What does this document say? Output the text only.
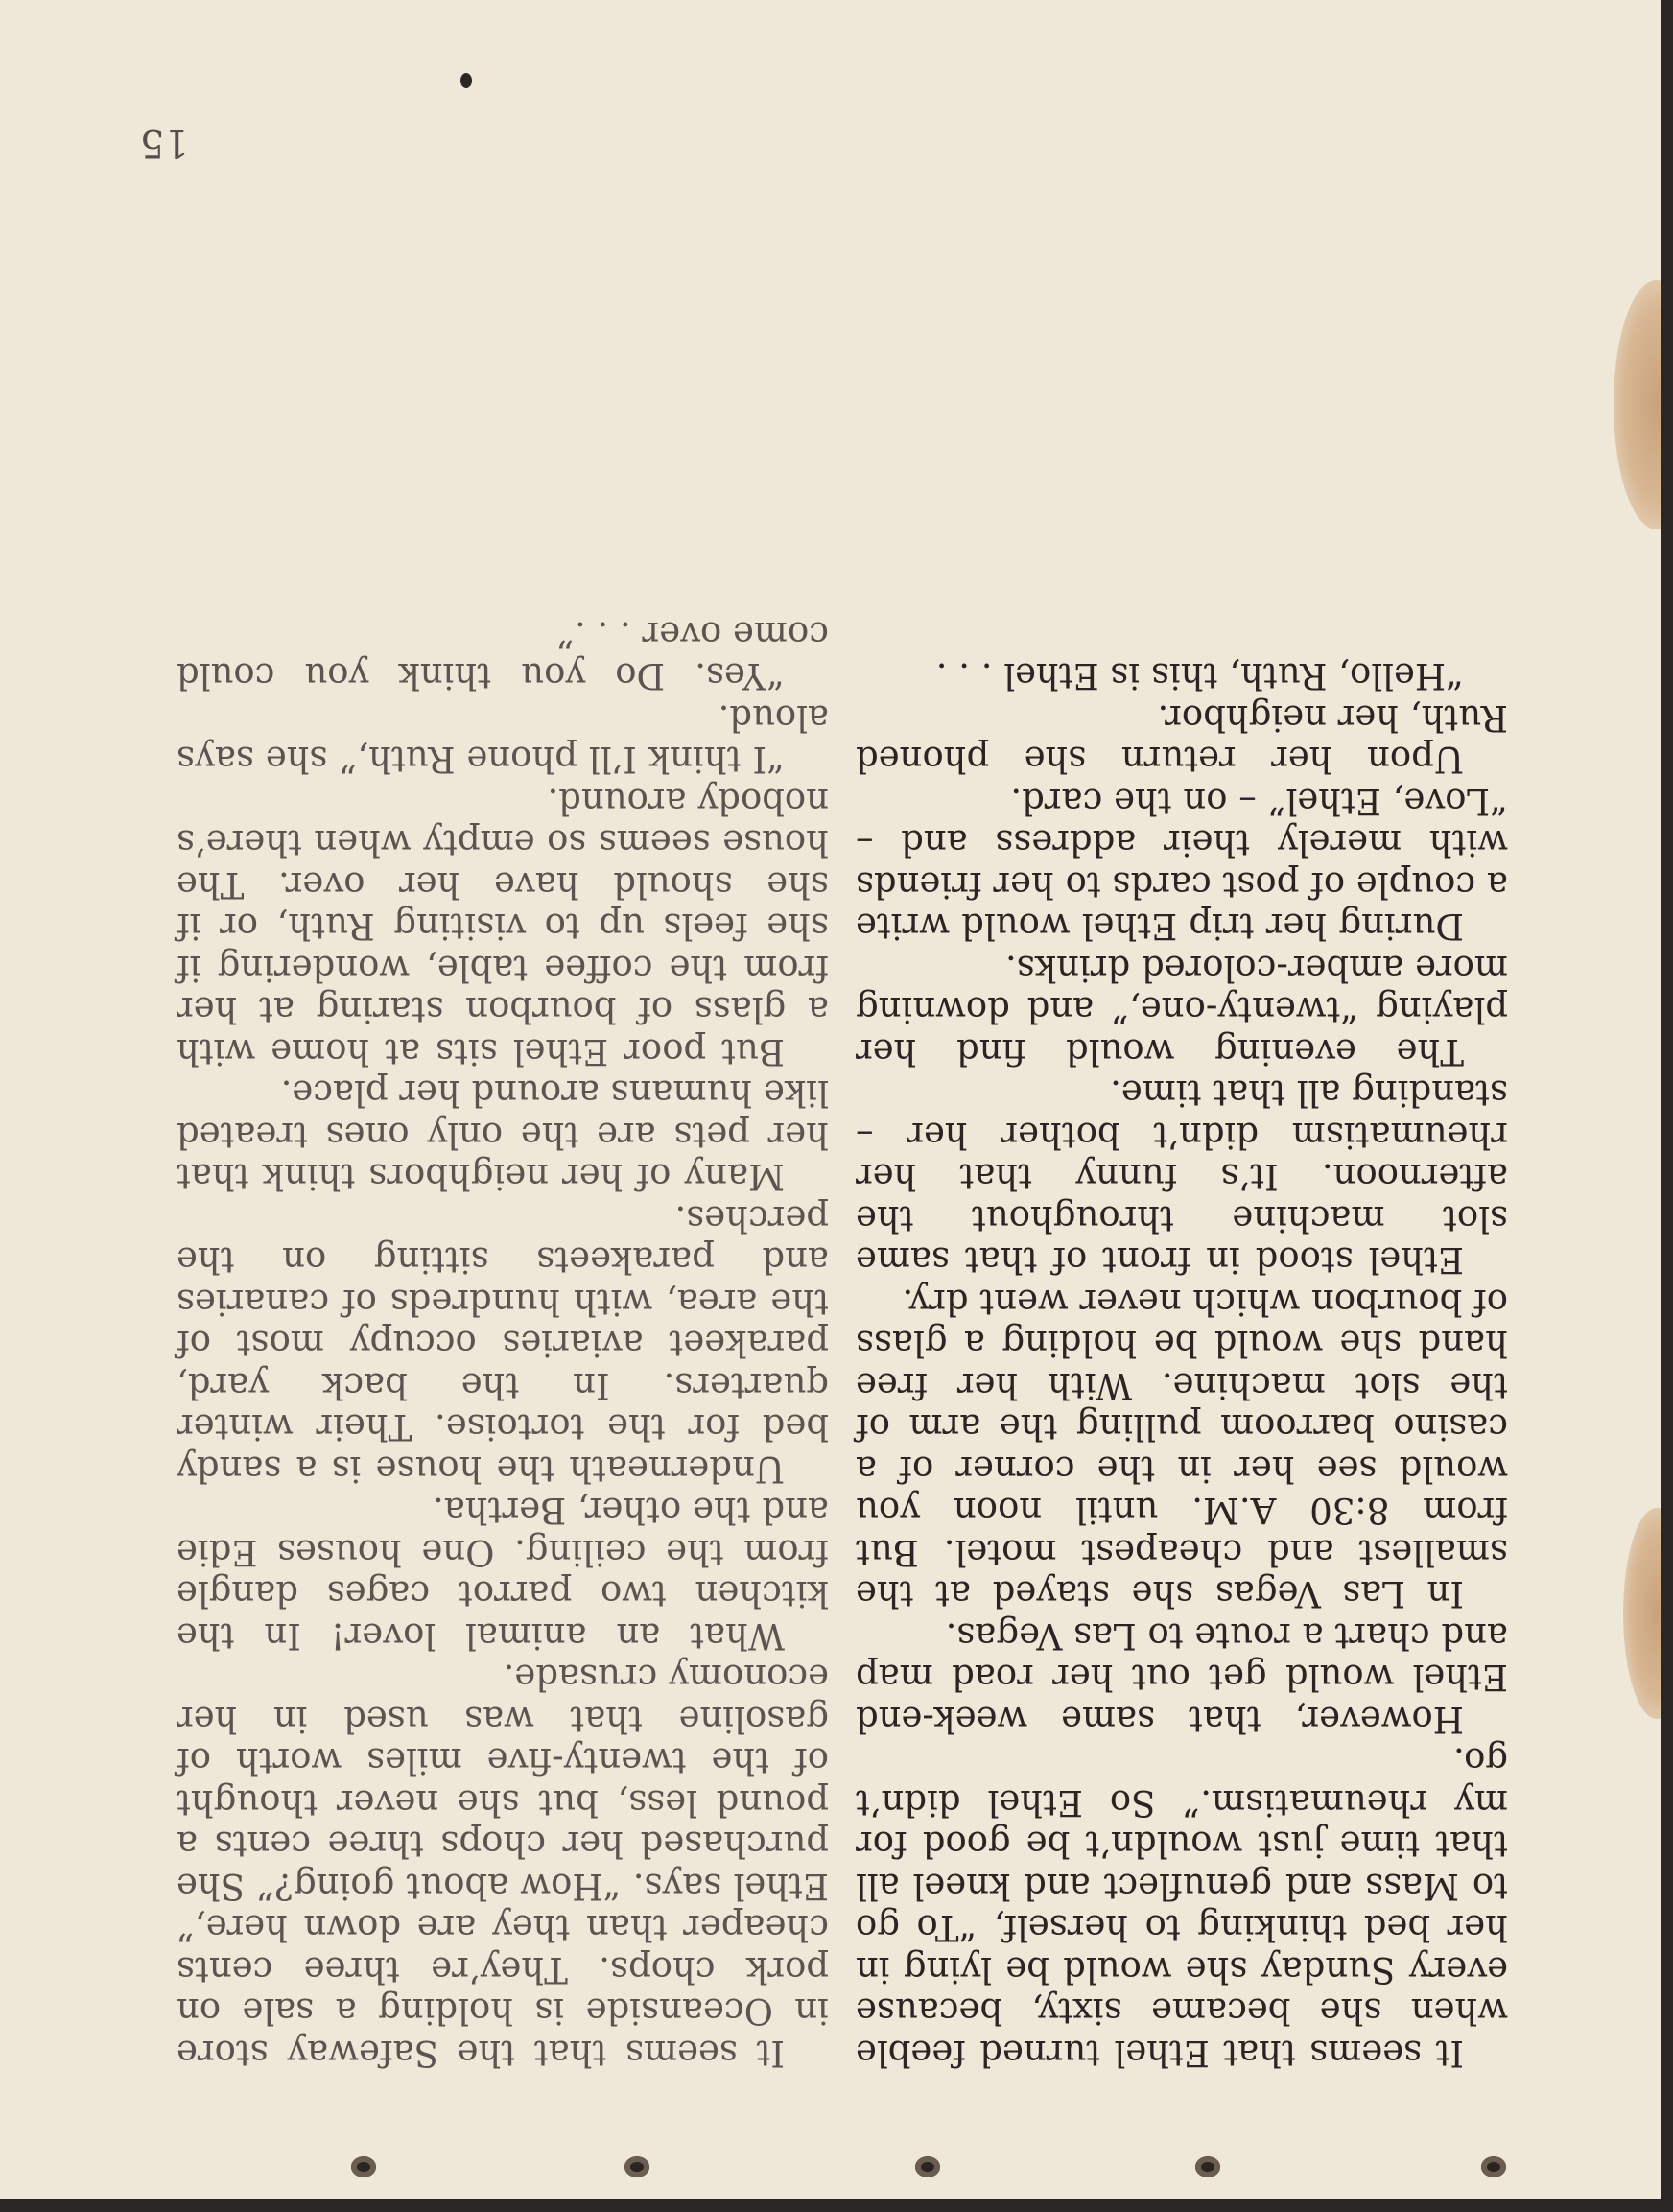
It seems that Ethel turned feeble when she became sixty, because every Sunday she would be lying in her bed thinking to herself, “To go to Mass and genuflect and kneel all that time just wouldn’t be good for my rheumatism.” So Ethel didn’t go.

However, that same week-end Ethel would get out her road map and chart a route to Las Vegas.

In Las Vegas she stayed at the smallest and cheapest motel. But from 8:30 A.M. until noon you would see her in the corner of a casino barroom pulling the arm of the slot machine. With her free hand she would be holding a glass of bourbon which never went dry.

Ethel stood in front of that same slot machine throughout the afternoon. It’s funny that her rheumatism didn’t bother her – standing all that time.

The evening would find her playing “twenty-one,” and downing more amber-colored drinks.

During her trip Ethel would write a couple of post cards to her friends with merely their address and – “Love, Ethel” – on the card.

Upon her return she phoned Ruth, her neighbor.

“Hello, Ruth, this is Ethel . . .

It seems that the Safeway store in Oceanside is holding a sale on pork chops. They’re three cents cheaper than they are down here,” Ethel says. “How about going?” She purchased her chops three cents a pound less, but she never thought of the twenty-five miles worth of gasoline that was used in her economy crusade.

What an animal lover! In the kitchen two parrot cages dangle from the ceiling. One houses Edie and the other, Bertha.

Underneath the house is a sandy bed for the tortoise. Their winter quarters. In the back yard, parakeet aviaries occupy most of the area, with hundreds of canaries and parakeets sitting on the perches.

Many of her neighbors think that her pets are the only ones treated like humans around her place.

But poor Ethel sits at home with a glass of bourbon staring at her from the coffee table, wondering if she feels up to visiting Ruth, or if she should have her over. The house seems so empty when there’s nobody around.

“I think I’ll phone Ruth,” she says aloud.

“Yes. Do you think you could come over . . .”

15
